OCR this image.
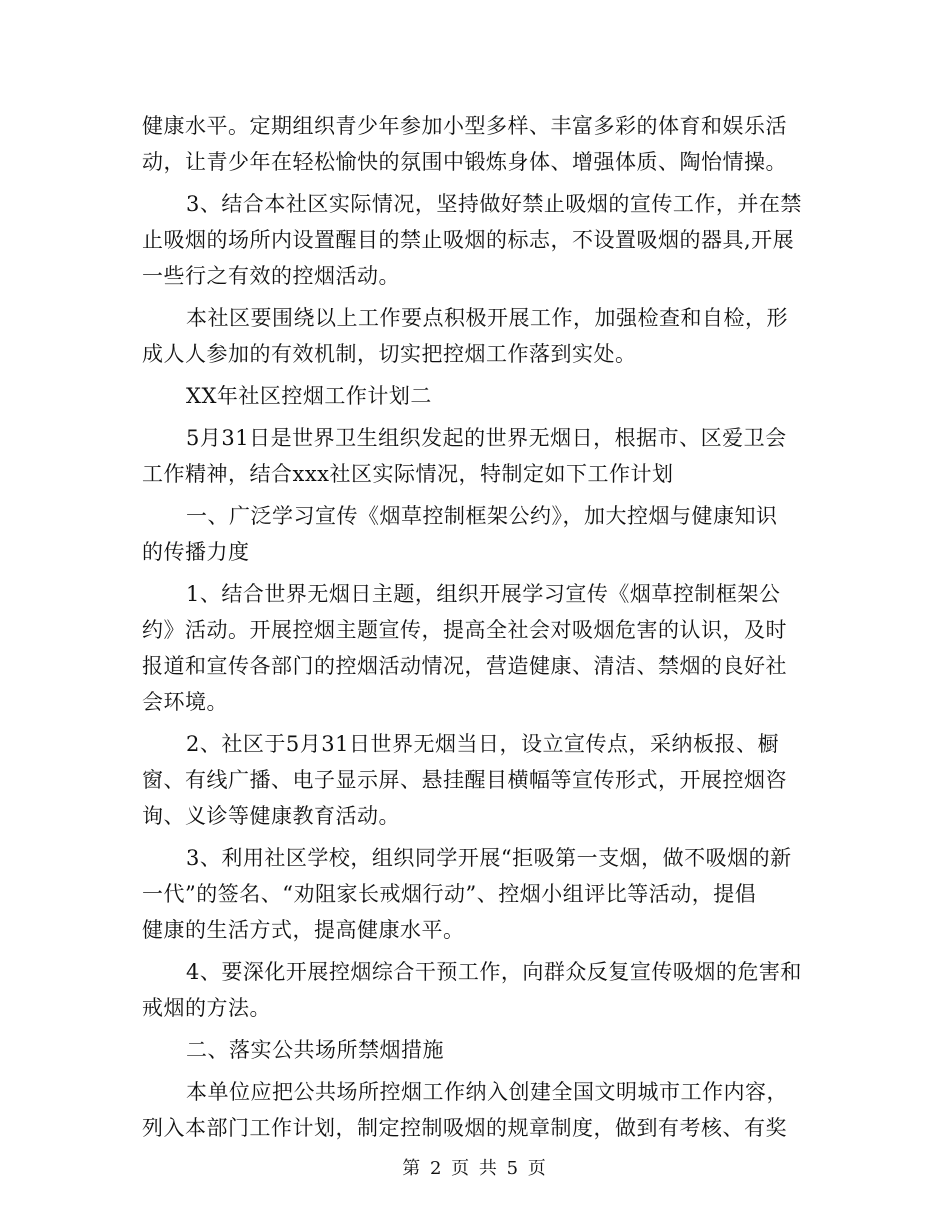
健康水平。定期组织青少年参加小型多样、丰富多彩的体育和娱乐活
动，让青少年在轻松愉快的氛围中锻炼身体、增强体质、陶怡情操。
3、结合本社区实际情况，坚持做好禁止吸烟的宣传工作，并在禁
止吸烟的场所内设置醒目的禁止吸烟的标志，不设置吸烟的器具,开展
一些行之有效的控烟活动。
本社区要围绕以上工作要点积极开展工作，加强检查和自检，形
成人人参加的有效机制，切实把控烟工作落到实处。
XX年社区控烟工作计划二
5月31日是世界卫生组织发起的世界无烟日，根据市、区爱卫会
工作精神，结合xxx社区实际情况，特制定如下工作计划
一、广泛学习宣传《烟草控制框架公约》，加大控烟与健康知识
的传播力度
1、结合世界无烟日主题，组织开展学习宣传《烟草控制框架公
约》活动。开展控烟主题宣传，提高全社会对吸烟危害的认识，及时
报道和宣传各部门的控烟活动情况，营造健康、清洁、禁烟的良好社
会环境。
2、社区于5月31日世界无烟当日，设立宣传点，采纳板报、橱
窗、有线广播、电子显示屏、悬挂醒目横幅等宣传形式，开展控烟咨
询、义诊等健康教育活动。
3、利用社区学校，组织同学开展“拒吸第一支烟，做不吸烟的新
一代”的签名、“劝阻家长戒烟行动”、控烟小组评比等活动，提倡
健康的生活方式，提高健康水平。
4、要深化开展控烟综合干预工作，向群众反复宣传吸烟的危害和
戒烟的方法。
二、落实公共场所禁烟措施
本单位应把公共场所控烟工作纳入创建全国文明城市工作内容，
列入本部门工作计划，制定控制吸烟的规章制度，做到有考核、有奖
第 2 页 共 5 页
